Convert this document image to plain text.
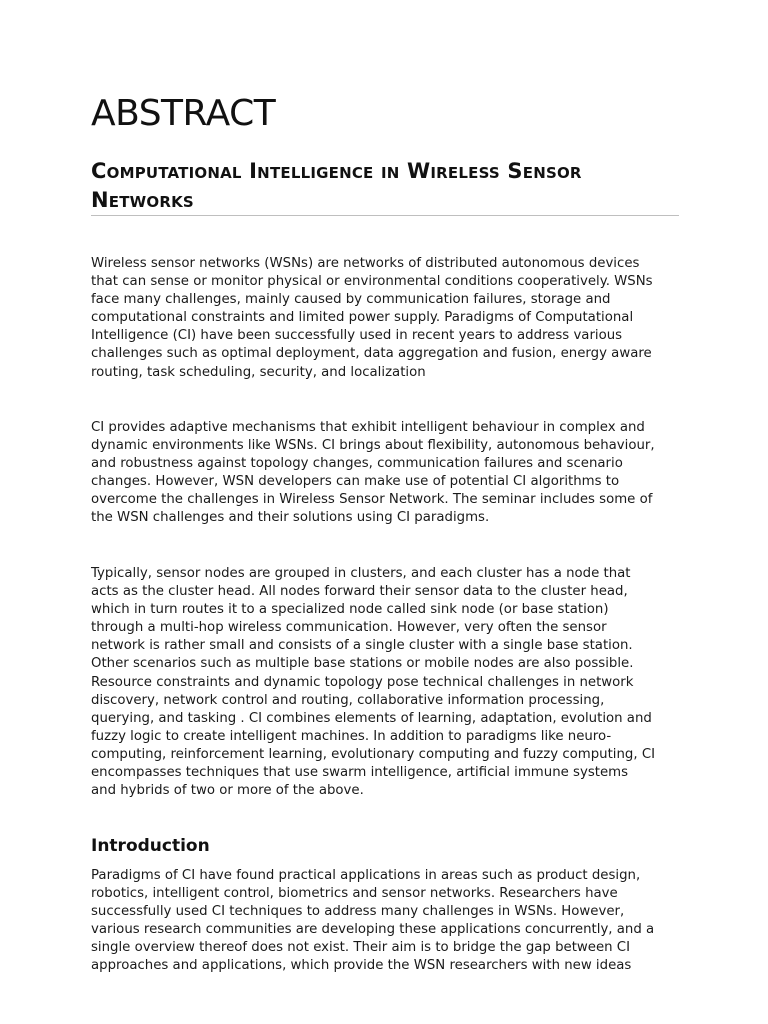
ABSTRACT
Computational Intelligence in Wireless Sensor Networks

Wireless sensor networks (WSNs) are networks of distributed autonomous devices
that can sense or monitor physical or environmental conditions cooperatively. WSNs
face many challenges, mainly caused by communication failures, storage and
computational constraints and limited power supply. Paradigms of Computational
Intelligence (CI) have been successfully used in recent years to address various
challenges such as optimal deployment, data aggregation and fusion, energy aware
routing, task scheduling, security, and localization

CI provides adaptive mechanisms that exhibit intelligent behaviour in complex and
dynamic environments like WSNs. CI brings about flexibility, autonomous behaviour,
and robustness against topology changes, communication failures and scenario
changes. However, WSN developers can make use of potential CI algorithms to
overcome the challenges in Wireless Sensor Network. The seminar includes some of
the WSN challenges and their solutions using CI paradigms.

Typically, sensor nodes are grouped in clusters, and each cluster has a node that
acts as the cluster head. All nodes forward their sensor data to the cluster head,
which in turn routes it to a specialized node called sink node (or base station)
through a multi-hop wireless communication. However, very often the sensor
network is rather small and consists of a single cluster with a single base station.
Other scenarios such as multiple base stations or mobile nodes are also possible.
Resource constraints and dynamic topology pose technical challenges in network
discovery, network control and routing, collaborative information processing,
querying, and tasking . CI combines elements of learning, adaptation, evolution and
fuzzy logic to create intelligent machines. In addition to paradigms like neuro-
computing, reinforcement learning, evolutionary computing and fuzzy computing, CI
encompasses techniques that use swarm intelligence, artificial immune systems
and hybrids of two or more of the above.

Introduction

Paradigms of CI have found practical applications in areas such as product design,
robotics, intelligent control, biometrics and sensor networks. Researchers have
successfully used CI techniques to address many challenges in WSNs. However,
various research communities are developing these applications concurrently, and a
single overview thereof does not exist. Their aim is to bridge the gap between CI
approaches and applications, which provide the WSN researchers with new ideas
